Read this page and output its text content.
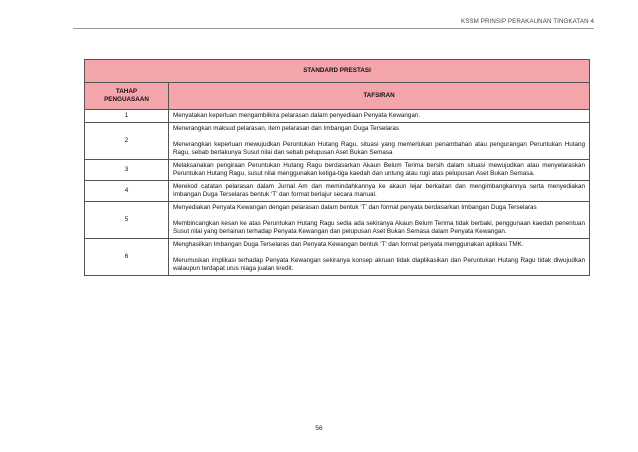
KSSM PRINSIP PERAKAUNAN TINGKATAN 4
STANDARD PRESTASI	
TAHAP
PENGUASAAN	TAFSIRAN
1	Menyatakan keperluan mengambilkira pelarasan dalam penyediaan Penyata Kewangan.

2	Menerangkan maksud pelarasan, item pelarasan dan Imbangan Duga Terselaras

Menerangkan keperluan mewujudkan Peruntukan Hutang Ragu, situasi yang memerlukan penambahan atau pengurangan Peruntukan Hutang Ragu, sebab berlakunya Susut nilai dan sebab pelupusan Aset Bukan Semasa

3	Melaksanakan pengiraan Peruntukan Hutang Ragu berdasarkan Akaun Belum Terima bersih dalam situasi mewujudkan atau menyelaraskan Peruntukan Hutang Ragu, susut nilai menggunakan ketiga-tiga kaedah dan untung atau rugi atas pelupusan Aset Bukan Semasa.

4	Merekod catatan pelarasan dalam Jurnal Am dan memindahkannya ke akaun lejar berkaitan dan mengimbangkannya serta menyediakan Imbangan Duga Terselaras bentuk ‘T’ dan format berlajur secara manual.

5	Menyediakan Penyata Kewangan dengan pelarasan dalam bentuk ‘T’ dan format penyata berdasarkan Imbangan Duga Terselaras

Membincangkan kesan ke atas Peruntukan Hutang Ragu sedia ada sekiranya Akaun Belum Terima tidak berbaki, penggunaan kaedah penentuan Susut nilai yang berlainan terhadap Penyata Kewangan dan pelupusan Aset Bukan Semasa dalam Penyata Kewangan.

6	Menghasilkan Imbangan Duga Terselaras dan Penyata Kewangan bentuk ‘T’ dan format penyata menggunakan aplikasi TMK.

Merumuskan implikasi terhadap Penyata Kewangan sekiranya konsep akruan tidak diaplikasikan dan Peruntukan Hutang Ragu tidak diwujudkan walaupun terdapat urus niaga jualan kredit.

56
